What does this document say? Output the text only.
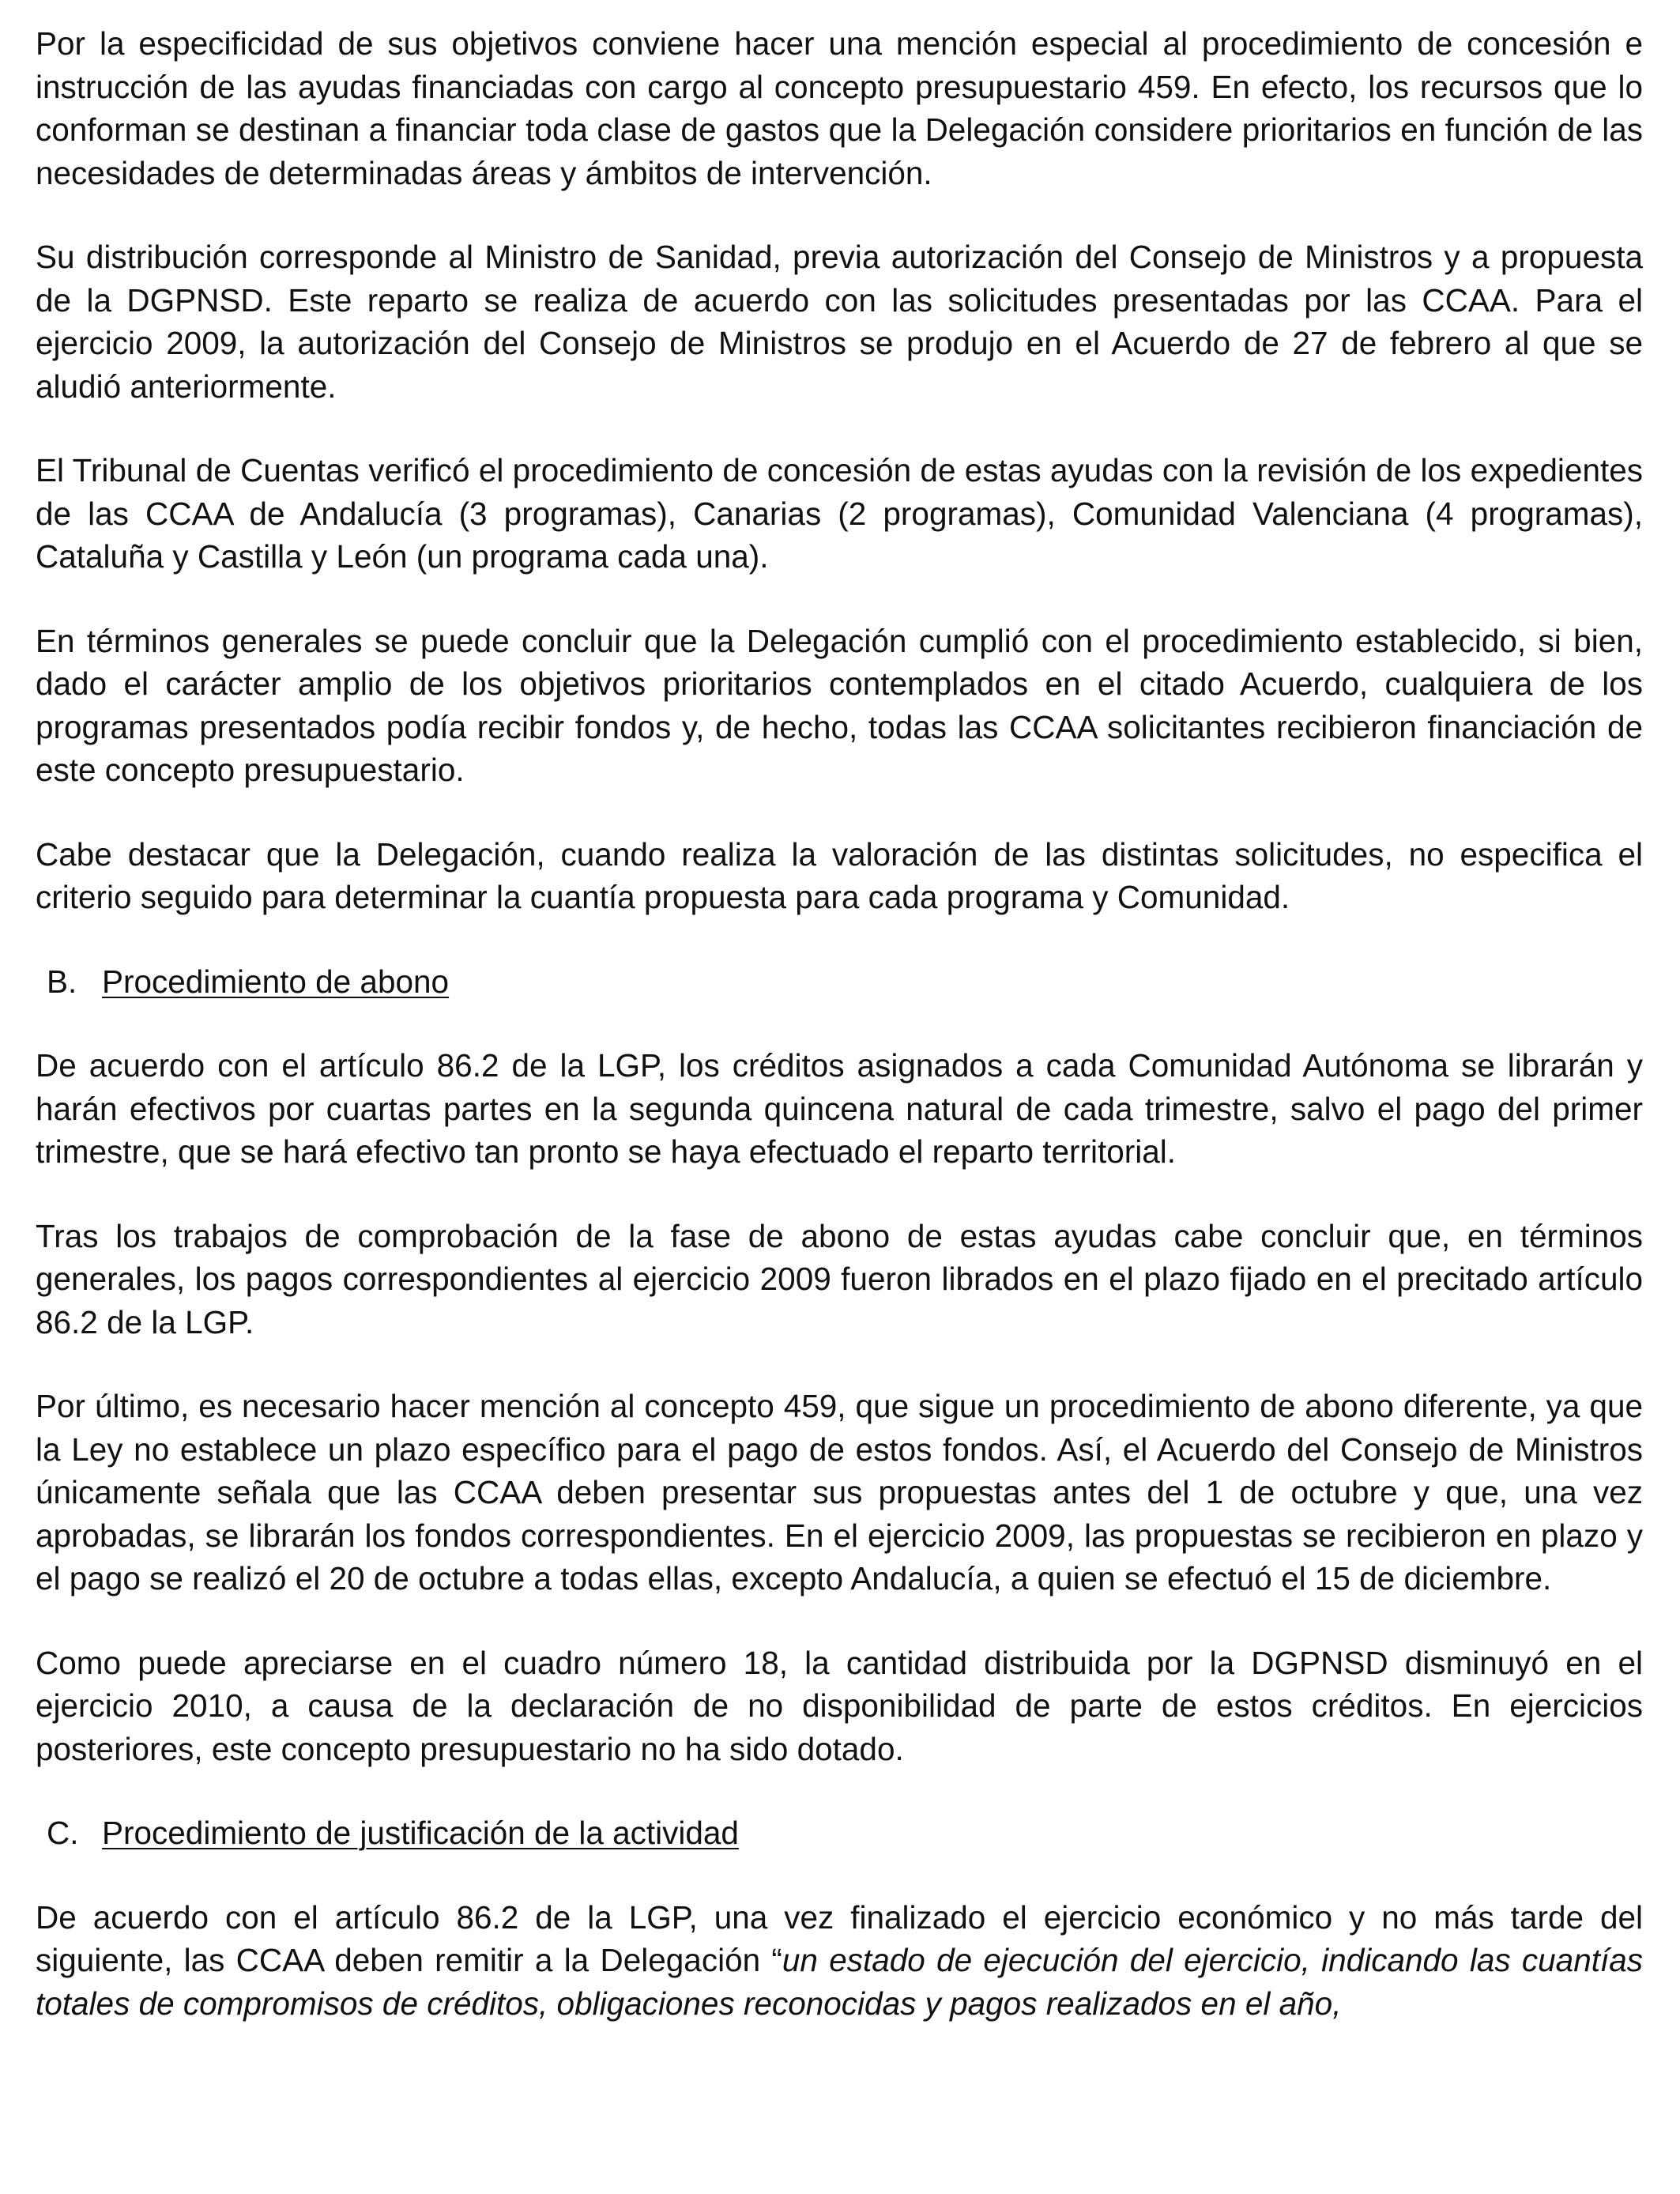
Por la especificidad de sus objetivos conviene hacer una mención especial al procedimiento de concesión e instrucción de las ayudas financiadas con cargo al concepto presupuestario 459. En efecto, los recursos que lo conforman se destinan a financiar toda clase de gastos que la Delegación considere prioritarios en función de las necesidades de determinadas áreas y ámbitos de intervención.

Su distribución corresponde al Ministro de Sanidad, previa autorización del Consejo de Ministros y a propuesta de la DGPNSD. Este reparto se realiza de acuerdo con las solicitudes presentadas por las CCAA. Para el ejercicio 2009, la autorización del Consejo de Ministros se produjo en el Acuerdo de 27 de febrero al que se aludió anteriormente.

El Tribunal de Cuentas verificó el procedimiento de concesión de estas ayudas con la revisión de los expedientes de las CCAA de Andalucía (3 programas), Canarias (2 programas), Comunidad Valenciana (4 programas), Cataluña y Castilla y León (un programa cada una).

En términos generales se puede concluir que la Delegación cumplió con el procedimiento establecido, si bien, dado el carácter amplio de los objetivos prioritarios contemplados en el citado Acuerdo, cualquiera de los programas presentados podía recibir fondos y, de hecho, todas las CCAA solicitantes recibieron financiación de este concepto presupuestario.

Cabe destacar que la Delegación, cuando realiza la valoración de las distintas solicitudes, no especifica el criterio seguido para determinar la cuantía propuesta para cada programa y Comunidad.

B. Procedimiento de abono

De acuerdo con el artículo 86.2 de la LGP, los créditos asignados a cada Comunidad Autónoma se librarán y harán efectivos por cuartas partes en la segunda quincena natural de cada trimestre, salvo el pago del primer trimestre, que se hará efectivo tan pronto se haya efectuado el reparto territorial.

Tras los trabajos de comprobación de la fase de abono de estas ayudas cabe concluir que, en términos generales, los pagos correspondientes al ejercicio 2009 fueron librados en el plazo fijado en el precitado artículo 86.2 de la LGP.

Por último, es necesario hacer mención al concepto 459, que sigue un procedimiento de abono diferente, ya que la Ley no establece un plazo específico para el pago de estos fondos. Así, el Acuerdo del Consejo de Ministros únicamente señala que las CCAA deben presentar sus propuestas antes del 1 de octubre y que, una vez aprobadas, se librarán los fondos correspondientes. En el ejercicio 2009, las propuestas se recibieron en plazo y el pago se realizó el 20 de octubre a todas ellas, excepto Andalucía, a quien se efectuó el 15 de diciembre.

Como puede apreciarse en el cuadro número 18, la cantidad distribuida por la DGPNSD disminuyó en el ejercicio 2010, a causa de la declaración de no disponibilidad de parte de estos créditos. En ejercicios posteriores, este concepto presupuestario no ha sido dotado.

C. Procedimiento de justificación de la actividad

De acuerdo con el artículo 86.2 de la LGP, una vez finalizado el ejercicio económico y no más tarde del siguiente, las CCAA deben remitir a la Delegación “un estado de ejecución del ejercicio, indicando las cuantías totales de compromisos de créditos, obligaciones reconocidas y pagos realizados en el año,
